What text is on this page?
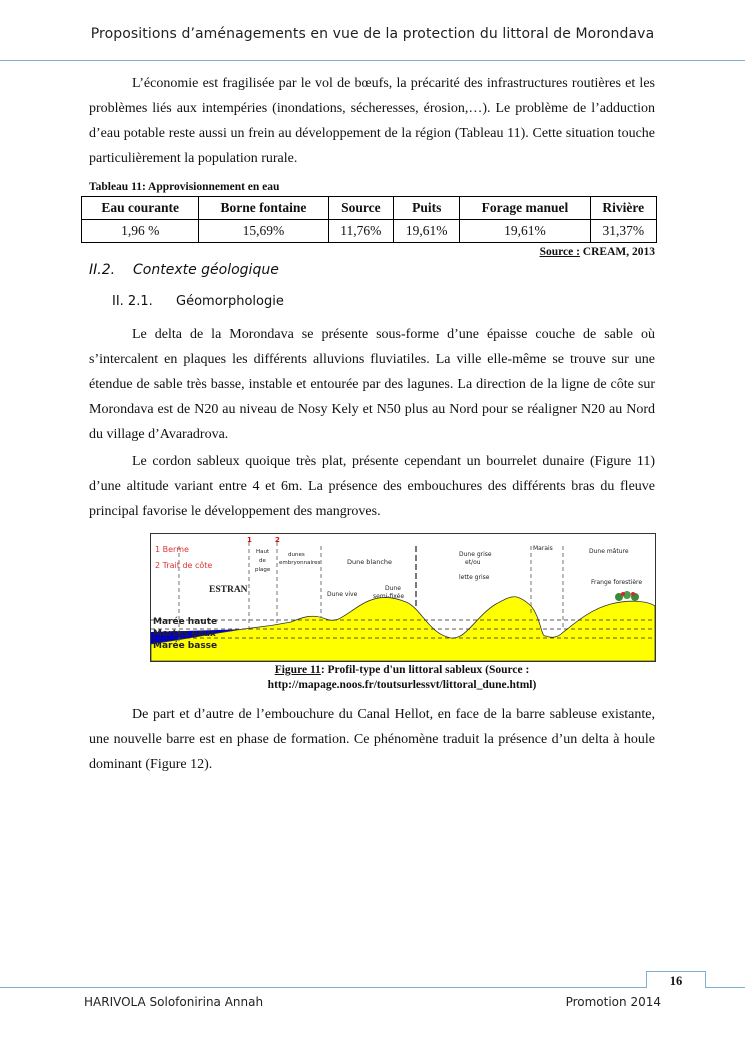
Propositions d’aménagements en vue de la protection du littoral de Morondava

L’économie est fragilisée par le vol de bœufs, la précarité des infrastructures routières et les problèmes liés aux intempéries (inondations, sécheresses, érosion,…). Le problème de l’adduction d’eau potable reste aussi un frein au développement de la région (Tableau 11). Cette situation touche particulièrement la population rurale.

Tableau 11: Approvisionnement en eau
Eau courante	Borne fontaine	Source	Puits	Forage manuel	Rivière
1,96 %	15,69%	11,76%	19,61%	19,61%	31,37%
Source : CREAM, 2013
II.2. Contexte géologique
II. 2.1. Géomorphologie

Le delta de la Morondava se présente sous-forme d’une épaisse couche de sable où s’intercalent en plaques les différents alluvions fluviatiles. La ville elle-même se trouve sur une étendue de sable très basse, instable et entourée par des lagunes. La direction de la ligne de côte sur Morondava est de N20 au niveau de Nosy Kely et N50 plus au Nord pour se réaligner N20 au Nord du village d’Avaradrova.

Le cordon sableux quoique très plat, présente cependant un bourrelet dunaire (Figure 11) d’une altitude variant entre 4 et 6m. La présence des embouchures des différents bras du fleuve principal favorise le développement des mangroves.

1 Berme
2 Trait de côte
1	2
ESTRAN
Haut
de
plage
dunes
embryonnaires	Dune blanche
Dune vive
Dune
semi-fixée
Dune grise
et/ou
lette grise
Marais	Dune mâture
Frange forestière
Marée haute
Mortes eaux
Marée basse
Figure 11: Profil-type d'un littoral sableux (Source :
http://mapage.noos.fr/toutsurlessvt/littoral_dune.html)

De part et d’autre de l’embouchure du Canal Hellot, en face de la barre sableuse existante, une nouvelle barre est en phase de formation. Ce phénomène traduit la présence d’un delta à houle dominant (Figure 12).

16
HARIVOLA Solofonirina Annah	Promotion 2014
